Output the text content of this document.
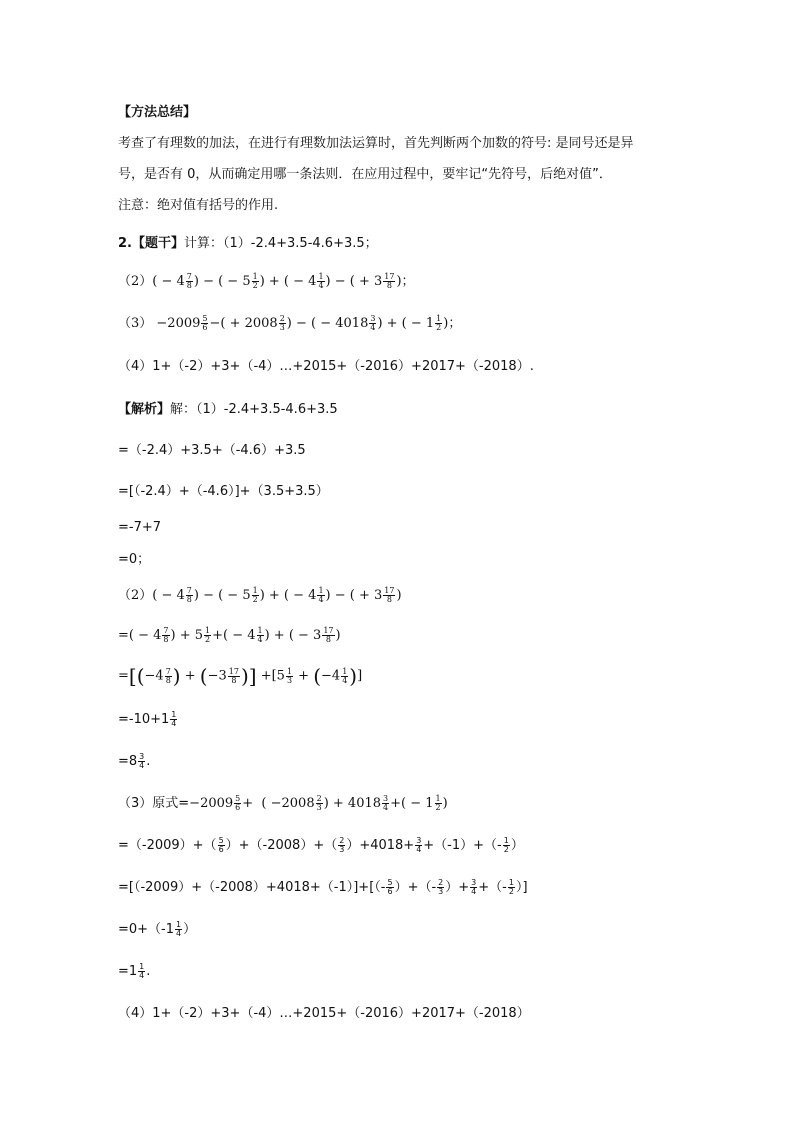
【方法总结】
考查了有理数的加法，在进行有理数加法运算时，首先判断两个加数的符号: 是同号还是异
号，是否有 0，从而确定用哪一条法则．在应用过程中，要牢记“先符号，后绝对值”．
注意：绝对值有括号的作用.
2.【题干】计算：（1）-2.4+3.5-4.6+3.5；
$(2)( - 4 \frac{7}{8}$ ) − ( − $5 \frac{1}{2}$ ) + ( − $4 \frac{1}{4}$ ) − ( + $3 \frac{17}{8}$ )；
$(3) -2009 \frac{5}{6}$ −( + $2008 \frac{2}{3}$ ) − ( − $4018 \frac{3}{4}$ ) + ( − $1 \frac{1}{2}$ )；
（4）1+（-2）+3+（-4）…+2015+（-2016）+2017+（-2018）.
【解析】解：（1）-2.4+3.5-4.6+3.5
=（-2.4）+3.5+（-4.6）+3.5
=[（-2.4）+（-4.6）]+（3.5+3.5）
=-7+7
=0；
$(2)( - 4 \frac{7}{8}$ ) − ( − $5 \frac{1}{2}$ ) + ( − $4 \frac{1}{4}$ ) − ( + $3 \frac{17}{8}$ )
=( − $4 \frac{7}{8}$ ) + $5 \frac{1}{2}$ +( − $4 \frac{1}{4}$ ) + ( − $3 \frac{17}{8}$ )
$=[(-4 \frac{7}{8}$ ) + ($-3 \frac{17}{8}$ )] $+[5 \frac{1}{3} + (-4 \frac{1}{4}$ )]
$=-10+1 \frac{1}{4}$
$=8 \frac{3}{4}$ .
（3）原式$=-2009 \frac{5}{6}$ +  ( $-2008 \frac{2}{3}$ ) + $4018 \frac{3}{4}$ +( − $1 \frac{1}{2}$ )
$=(-2009)+( \frac{5}{6} )+(-2008)+( \frac{2}{3} )+4018+ \frac{3}{4} +(-1)+(- \frac{1}{2}$ ）
$=[(-2009)+(-2008)+4018+(-1)]+[(- \frac{5}{6}$ ）+（- $\frac{2}{3}$ ）+ $\frac{3}{4}$ +（- $\frac{1}{2}$ ）]
$=0+(-1 \frac{1}{4}$ ）
$=1 \frac{1}{4}$ .
（4）1+（-2）+3+（-4）…+2015+（-2016）+2017+（-2018）
